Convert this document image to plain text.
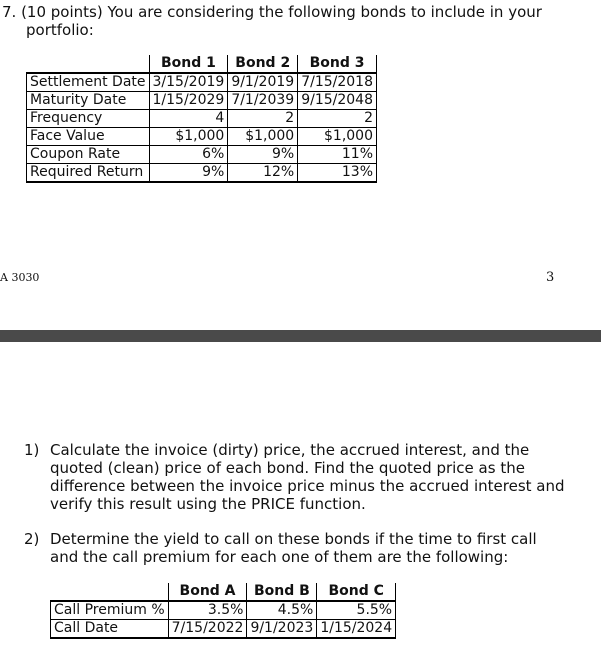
7. (10 points) You are considering the following bonds to include in your
portfolio:
	Bond 1	Bond 2	Bond 3
Settlement Date	3/15/2019	9/1/2019	7/15/2018
Maturity Date	1/15/2029	7/1/2039	9/15/2048
Frequency	4	2	2
Face Value	$1,000	$1,000	$1,000
Coupon Rate	6%	9%	11%
Required Return	9%	12%	13%
A 3030	3
1) Calculate the invoice (dirty) price, the accrued interest, and the
quoted (clean) price of each bond. Find the quoted price as the
difference between the invoice price minus the accrued interest and
verify this result using the PRICE function.
2) Determine the yield to call on these bonds if the time to first call
and the call premium for each one of them are the following:
	Bond A	Bond B	Bond C
Call Premium %	3.5%	4.5%	5.5%
Call Date	7/15/2022	9/1/2023	1/15/2024
